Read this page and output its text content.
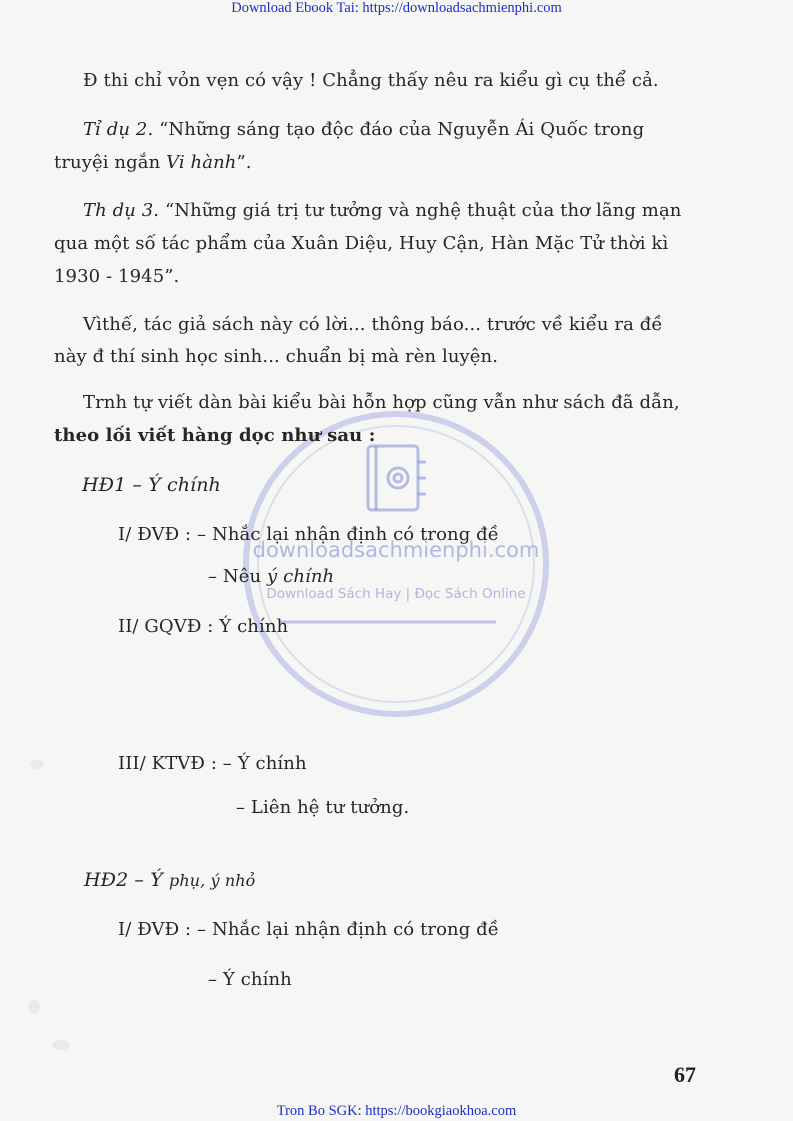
Download Ebook Tai: https://downloadsachmienphi.com
downloadsachmienphi.com
Download Sách Hay | Đọc Sách Online
Đ thi chỉ vỏn vẹn có vậy ! Chẳng thấy nêu ra kiểu gì cụ thể cả.
Tỉ dụ 2. “Những sáng tạo độc đáo của Nguyễn Ái Quốc trong
truyệi ngắn Vi hành”.
Th dụ 3. “Những giá trị tư tưởng và nghệ thuật của thơ lãng mạn
qua một số tác phẩm của Xuân Diệu, Huy Cận, Hàn Mặc Tử thời kì
1930 - 1945”.
Vìthế, tác giả sách này có lời... thông báo... trước về kiểu ra đề
này đ thí sinh học sinh... chuẩn bị mà rèn luyện.
Trnh tự viết dàn bài kiểu bài hỗn hợp cũng vẫn như sách đã dẫn,
theo lối viết hàng dọc như sau :
HĐ1 – Ý chính
I/ ĐVĐ : – Nhắc lại nhận định có trong đề
– Nêu ý chính
II/ GQVĐ : Ý chính
III/ KTVĐ : – Ý chính
– Liên hệ tư tưởng.
HĐ2 – Ý phụ, ý nhỏ
I/ ĐVĐ : – Nhắc lại nhận định có trong đề
– Ý chính
67
Tron Bo SGK: https://bookgiaokhoa.com
